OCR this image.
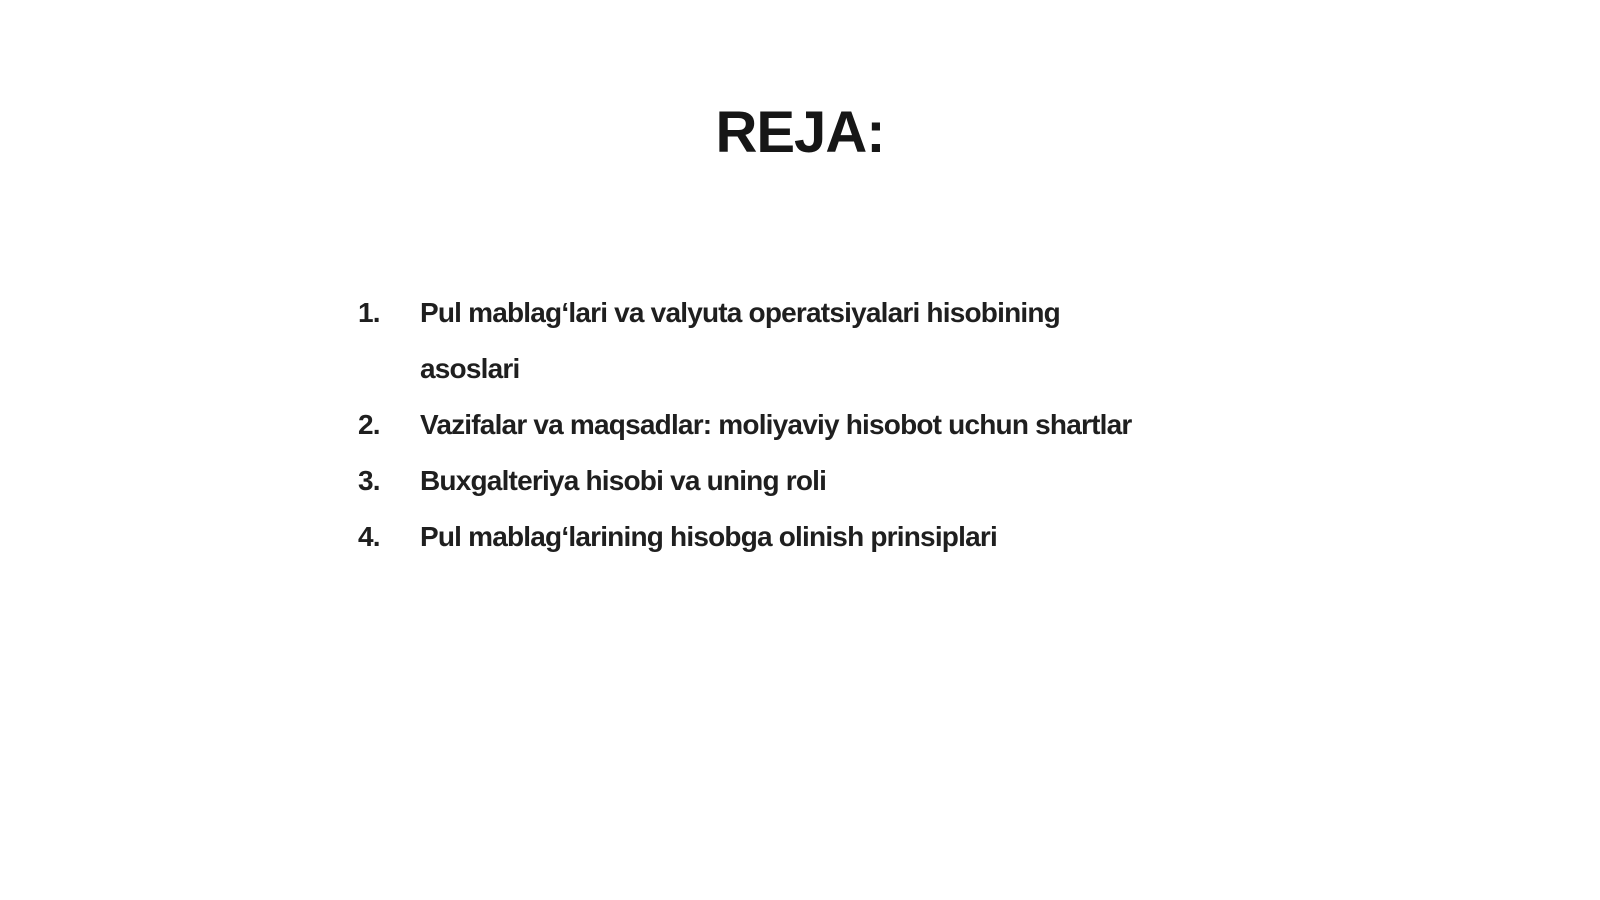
REJA:
1.	Pul mablag‘lari va valyuta operatsiyalari hisobining asoslari
2.	Vazifalar va maqsadlar: moliyaviy hisobot uchun shartlar
3.	Buxgalteriya hisobi va uning roli
4.	Pul mablag‘larining hisobga olinish prinsiplari
